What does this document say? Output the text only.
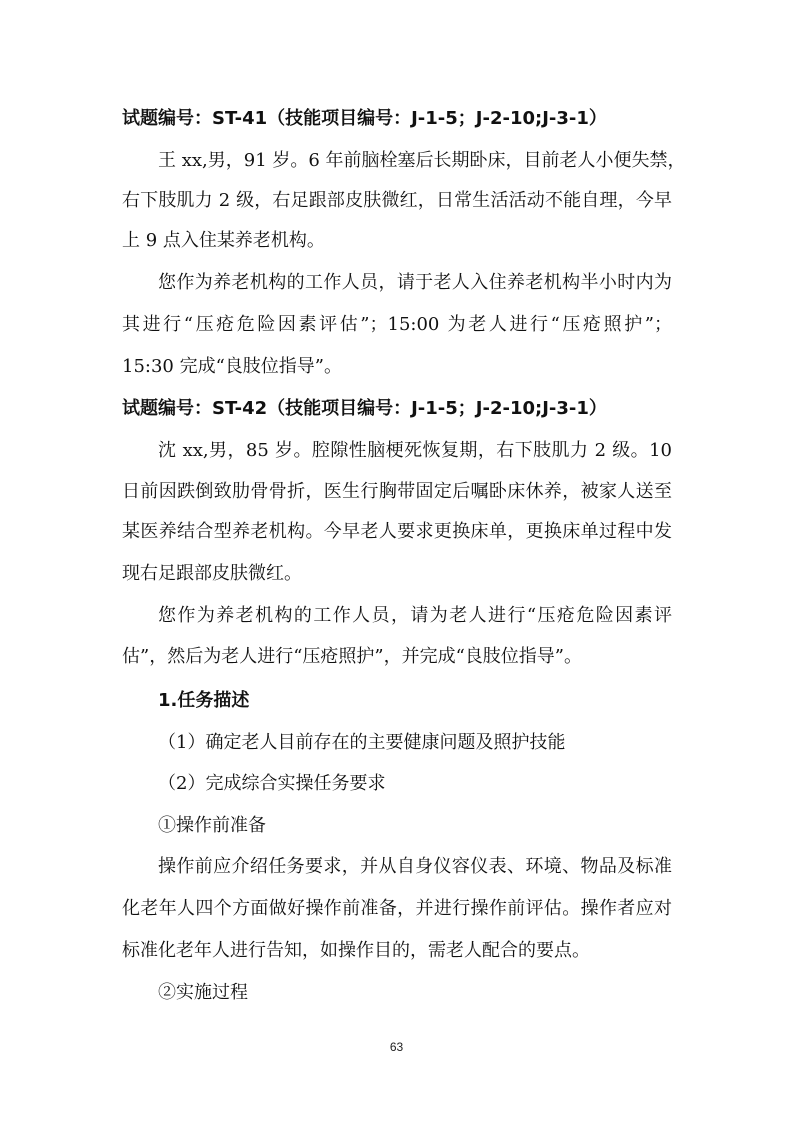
试题编号：ST-41（技能项目编号：J-1-5；J-2-10;J-3-1）
王 xx,男，91 岁。6 年前脑栓塞后长期卧床，目前老人小便失禁，
右下肢肌力 2 级，右足跟部皮肤微红，日常生活活动不能自理，今早
上 9 点入住某养老机构。
您作为养老机构的工作人员，请于老人入住养老机构半小时内为
其进行“压疮危险因素评估”；15:00 为老人进行“压疮照护”；
15:30 完成“良肢位指导”。
试题编号：ST-42（技能项目编号：J-1-5；J-2-10;J-3-1）
沈 xx,男，85 岁。腔隙性脑梗死恢复期，右下肢肌力 2 级。10
日前因跌倒致肋骨骨折，医生行胸带固定后嘱卧床休养，被家人送至
某医养结合型养老机构。今早老人要求更换床单，更换床单过程中发
现右足跟部皮肤微红。
您作为养老机构的工作人员，请为老人进行“压疮危险因素评
估”，然后为老人进行“压疮照护”，并完成“良肢位指导”。
1.任务描述
（1）确定老人目前存在的主要健康问题及照护技能
（2）完成综合实操任务要求
①操作前准备
操作前应介绍任务要求，并从自身仪容仪表、环境、物品及标准
化老年人四个方面做好操作前准备，并进行操作前评估。操作者应对
标准化老年人进行告知，如操作目的，需老人配合的要点。
②实施过程
63
